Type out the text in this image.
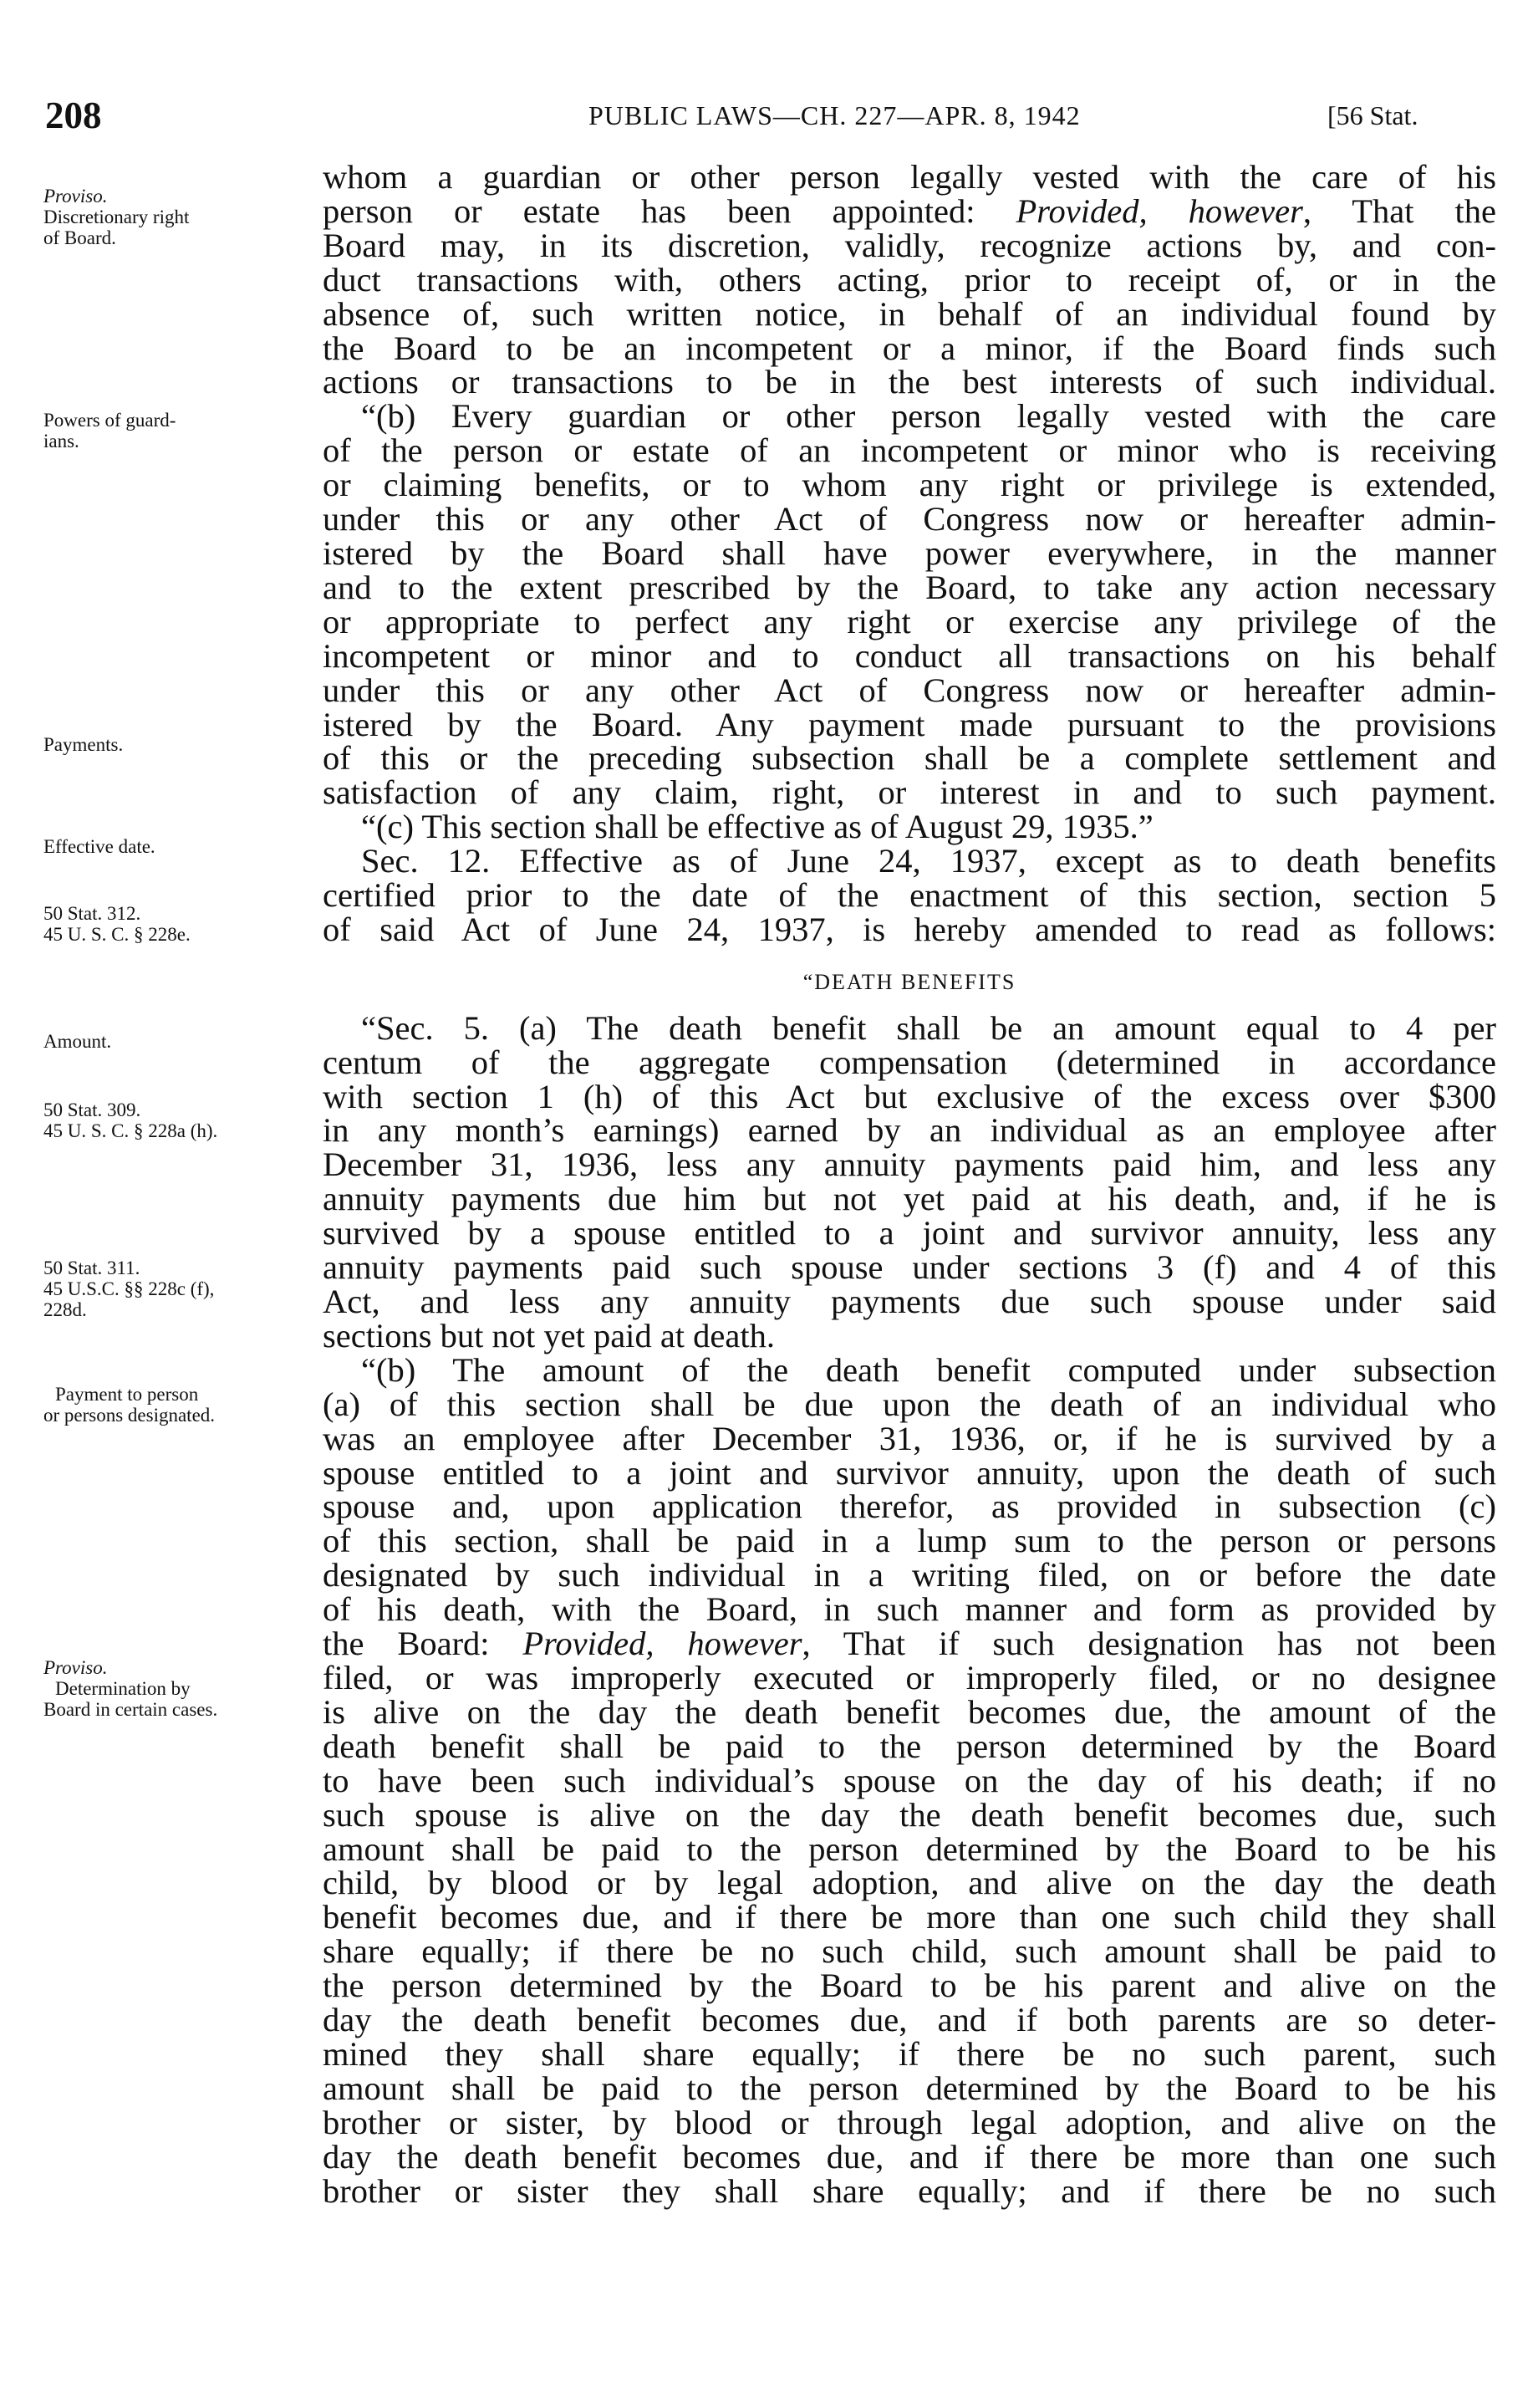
208	PUBLIC LAWS—CH. 227—APR. 8, 1942	[56 Stat.
Proviso.
Discretionary right
of Board.
Powers of guard-
ians.
Payments.
Effective date.
50 Stat. 312.
45 U. S. C. § 228e.
Amount.
50 Stat. 309.
45 U. S. C. § 228a (h).
50 Stat. 311.
45 U.S.C. §§ 228c (f),
228d.
Payment to person
or persons designated.
Proviso.
Determination by
Board in certain cases.
whom a guardian or other person legally vested with the care of his
person or estate has been appointed: Provided, however, That the
Board may, in its discretion, validly, recognize actions by, and con-
duct transactions with, others acting, prior to receipt of, or in the
absence of, such written notice, in behalf of an individual found by
the Board to be an incompetent or a minor, if the Board finds such
actions or transactions to be in the best interests of such individual.
“(b) Every guardian or other person legally vested with the care
of the person or estate of an incompetent or minor who is receiving
or claiming benefits, or to whom any right or privilege is extended,
under this or any other Act of Congress now or hereafter admin-
istered by the Board shall have power everywhere, in the manner
and to the extent prescribed by the Board, to take any action necessary
or appropriate to perfect any right or exercise any privilege of the
incompetent or minor and to conduct all transactions on his behalf
under this or any other Act of Congress now or hereafter admin-
istered by the Board. Any payment made pursuant to the provisions
of this or the preceding subsection shall be a complete settlement and
satisfaction of any claim, right, or interest in and to such payment.
“(c) This section shall be effective as of August 29, 1935.”
Sec. 12. Effective as of June 24, 1937, except as to death benefits
certified prior to the date of the enactment of this section, section 5
of said Act of June 24, 1937, is hereby amended to read as follows:
“DEATH BENEFITS
“Sec. 5. (a) The death benefit shall be an amount equal to 4 per
centum of the aggregate compensation (determined in accordance
with section 1 (h) of this Act but exclusive of the excess over $300
in any month’s earnings) earned by an individual as an employee after
December 31, 1936, less any annuity payments paid him, and less any
annuity payments due him but not yet paid at his death, and, if he is
survived by a spouse entitled to a joint and survivor annuity, less any
annuity payments paid such spouse under sections 3 (f) and 4 of this
Act, and less any annuity payments due such spouse under said
sections but not yet paid at death.
“(b) The amount of the death benefit computed under subsection
(a) of this section shall be due upon the death of an individual who
was an employee after December 31, 1936, or, if he is survived by a
spouse entitled to a joint and survivor annuity, upon the death of such
spouse and, upon application therefor, as provided in subsection (c)
of this section, shall be paid in a lump sum to the person or persons
designated by such individual in a writing filed, on or before the date
of his death, with the Board, in such manner and form as provided by
the Board: Provided, however, That if such designation has not been
filed, or was improperly executed or improperly filed, or no designee
is alive on the day the death benefit becomes due, the amount of the
death benefit shall be paid to the person determined by the Board
to have been such individual’s spouse on the day of his death; if no
such spouse is alive on the day the death benefit becomes due, such
amount shall be paid to the person determined by the Board to be his
child, by blood or by legal adoption, and alive on the day the death
benefit becomes due, and if there be more than one such child they shall
share equally; if there be no such child, such amount shall be paid to
the person determined by the Board to be his parent and alive on the
day the death benefit becomes due, and if both parents are so deter-
mined they shall share equally; if there be no such parent, such
amount shall be paid to the person determined by the Board to be his
brother or sister, by blood or through legal adoption, and alive on the
day the death benefit becomes due, and if there be more than one such
brother or sister they shall share equally; and if there be no such
